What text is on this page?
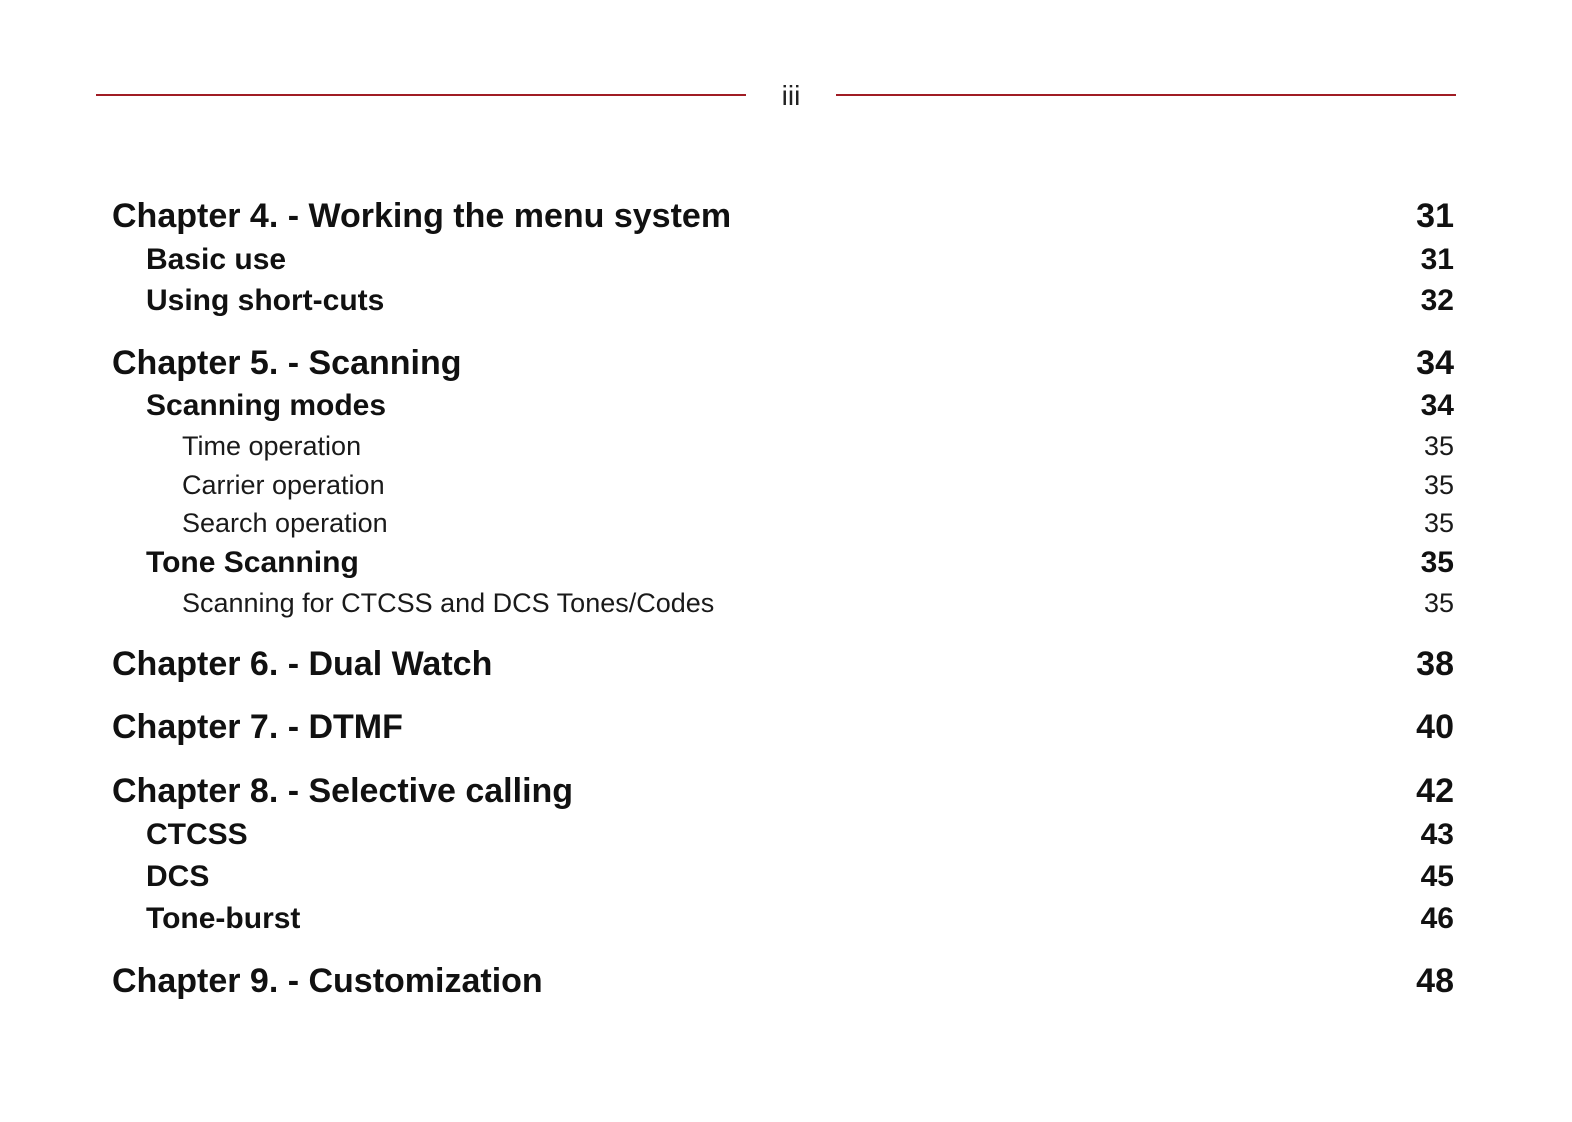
iii
Chapter 4. - Working the menu system	31
Basic use	31
Using short-cuts	32
Chapter 5. - Scanning	34
Scanning modes	34
Time operation	35
Carrier operation	35
Search operation	35
Tone Scanning	35
Scanning for CTCSS and DCS Tones/Codes	35
Chapter 6. - Dual Watch	38
Chapter 7. - DTMF	40
Chapter 8. - Selective calling	42
CTCSS	43
DCS	45
Tone-burst	46
Chapter 9. - Customization	48
